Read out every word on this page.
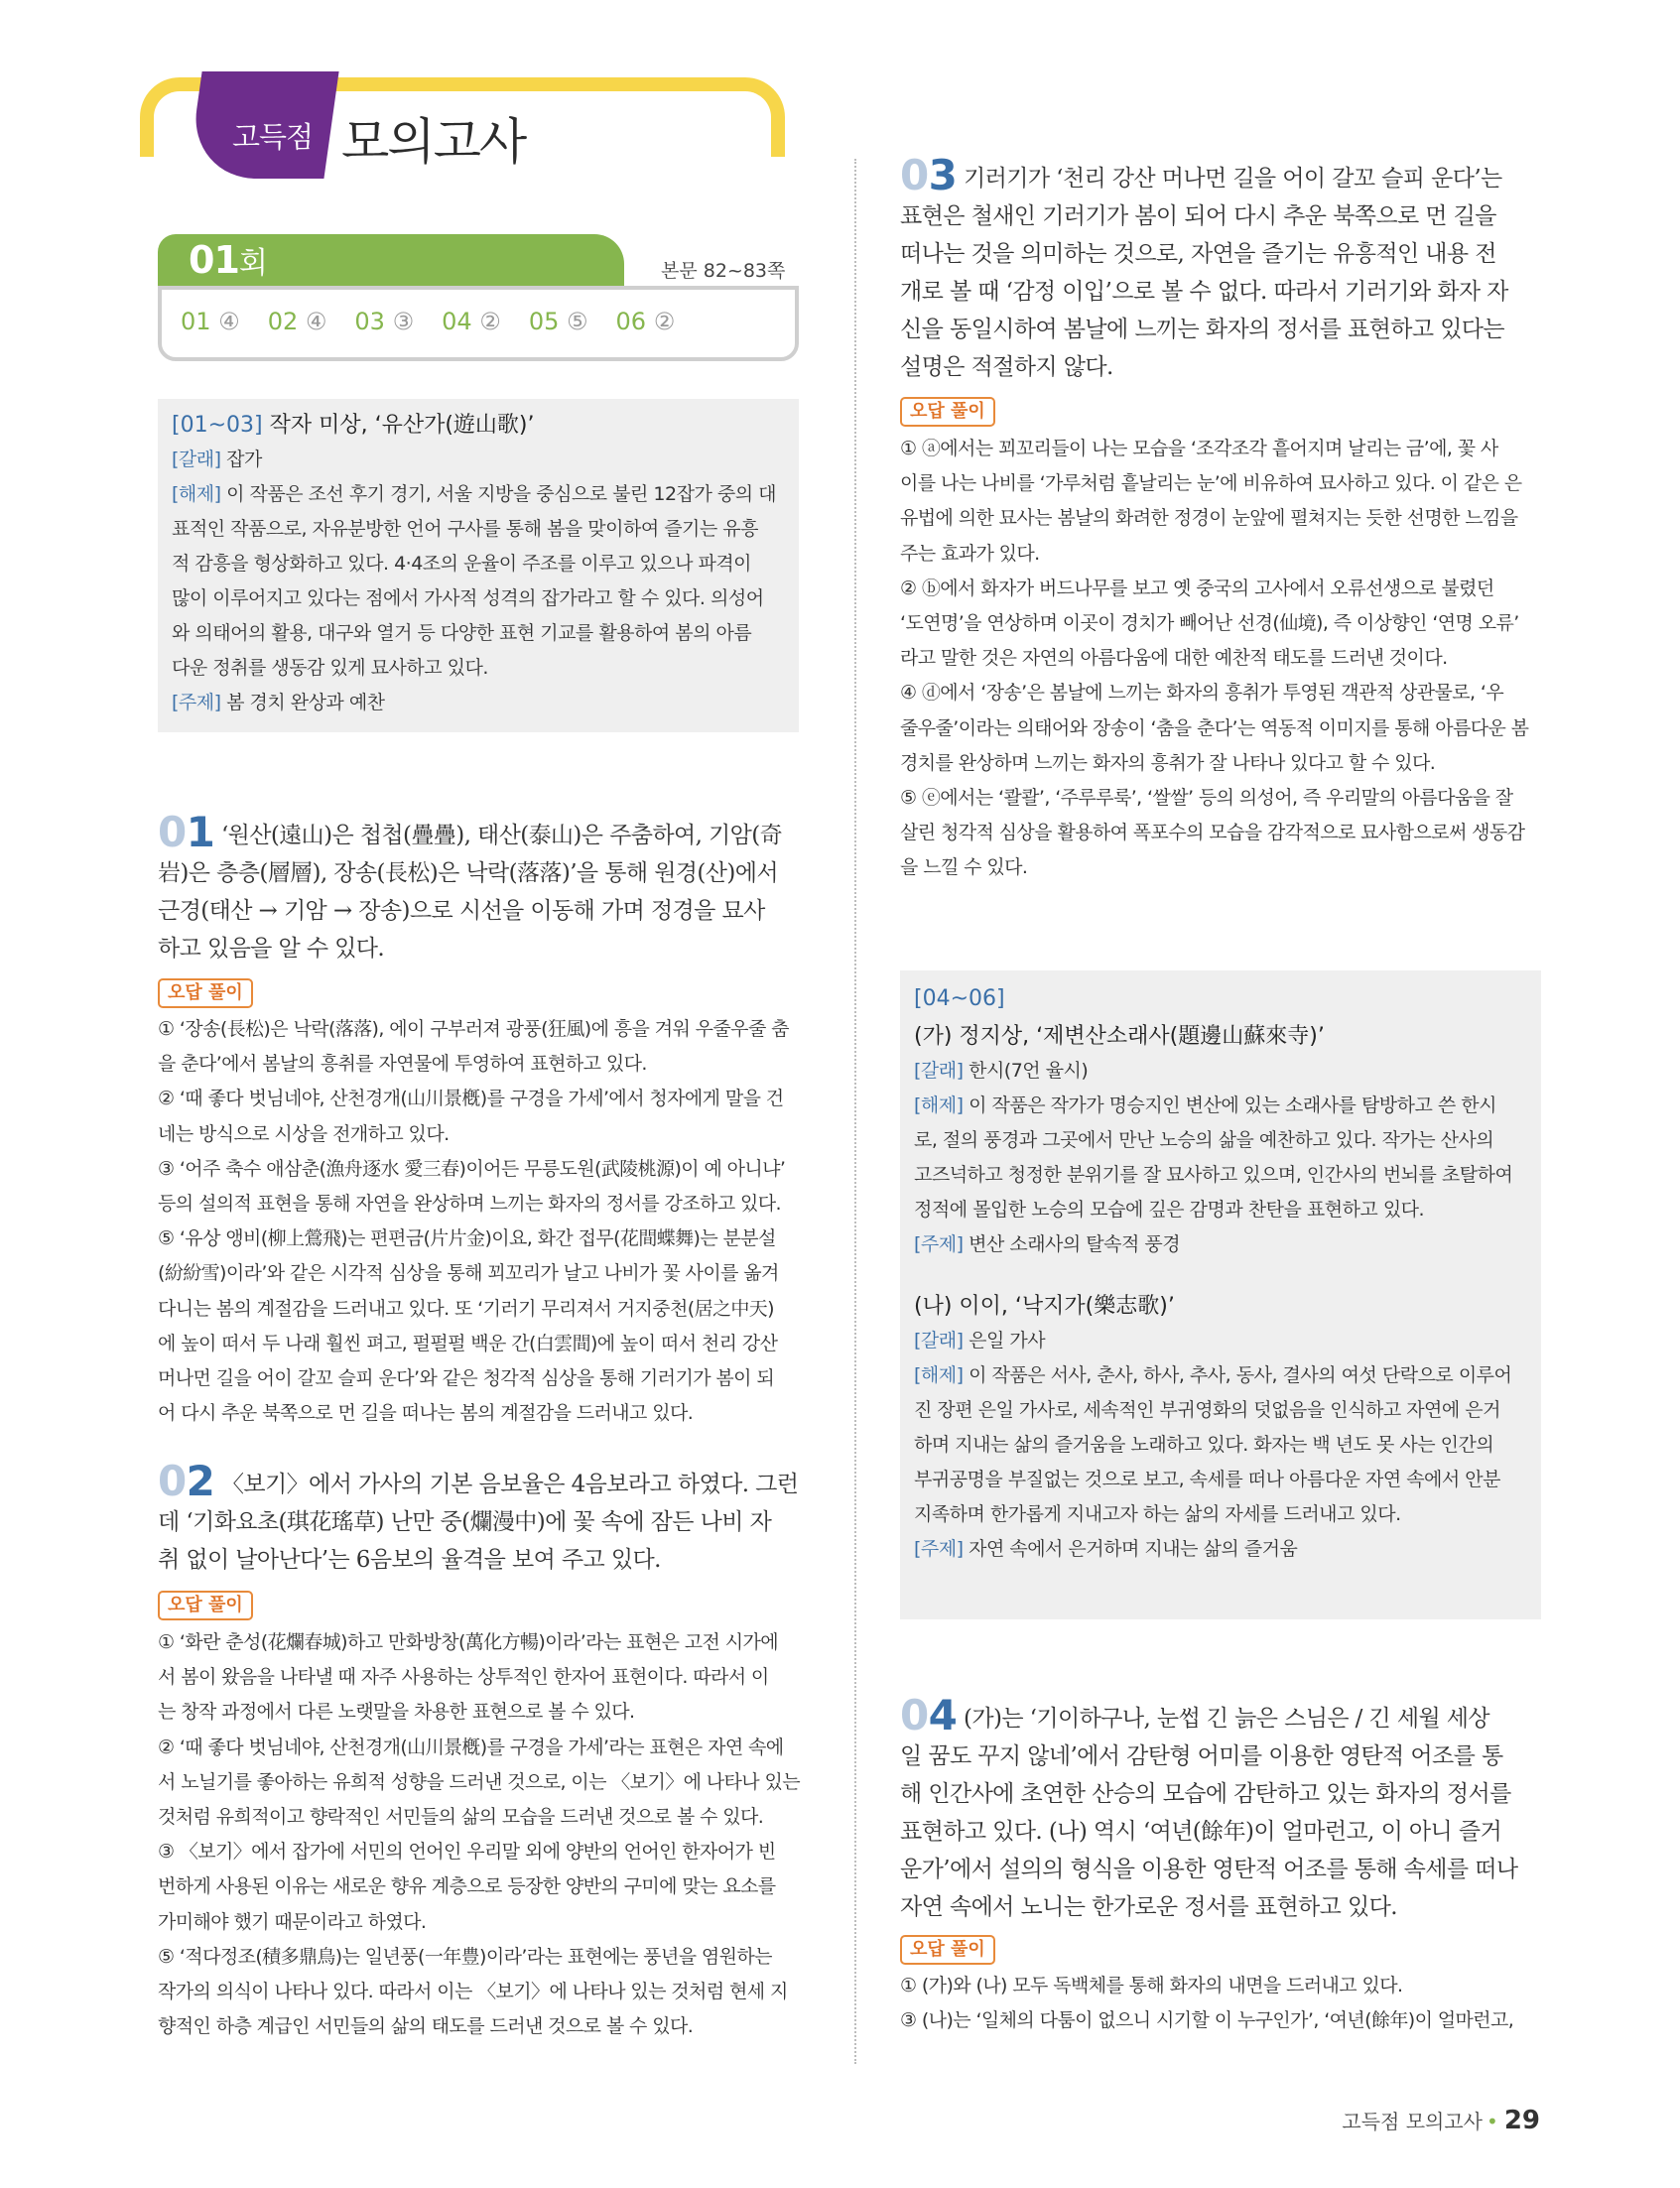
고득점 모의고사
01회	본문 82~83쪽
01 ④ 02 ④ 03 ③ 04 ② 05 ⑤ 06 ②
[01~03] 작자 미상, ‘유산가(遊山歌)’
[갈래] 잡가
[해제] 이 작품은 조선 후기 경기, 서울 지방을 중심으로 불린 12잡가 중의 대
표적인 작품으로, 자유분방한 언어 구사를 통해 봄을 맞이하여 즐기는 유흥
적 감흥을 형상화하고 있다. 4·4조의 운율이 주조를 이루고 있으나 파격이
많이 이루어지고 있다는 점에서 가사적 성격의 잡가라고 할 수 있다. 의성어
와 의태어의 활용, 대구와 열거 등 다양한 표현 기교를 활용하여 봄의 아름
다운 정취를 생동감 있게 묘사하고 있다.
[주제] 봄 경치 완상과 예찬
01 ‘원산(遠山)은 첩첩(疊疊), 태산(泰山)은 주춤하여, 기암(奇
岩)은 층층(層層), 장송(長松)은 낙락(落落)’을 통해 원경(산)에서
근경(태산 → 기암 → 장송)으로 시선을 이동해 가며 정경을 묘사
하고 있음을 알 수 있다.
오답 풀이
① ‘장송(長松)은 낙락(落落), 에이 구부러져 광풍(狂風)에 흥을 겨워 우줄우줄 춤
을 춘다’에서 봄날의 흥취를 자연물에 투영하여 표현하고 있다.
② ‘때 좋다 벗님네야, 산천경개(山川景槪)를 구경을 가세’에서 청자에게 말을 건
네는 방식으로 시상을 전개하고 있다.
③ ‘어주 축수 애삼춘(漁舟逐水 愛三春)이어든 무릉도원(武陵桃源)이 예 아니냐’
등의 설의적 표현을 통해 자연을 완상하며 느끼는 화자의 정서를 강조하고 있다.
⑤ ‘유상 앵비(柳上鶯飛)는 편편금(片片金)이요, 화간 접무(花間蝶舞)는 분분설
(紛紛雪)이라’와 같은 시각적 심상을 통해 꾀꼬리가 날고 나비가 꽃 사이를 옮겨
다니는 봄의 계절감을 드러내고 있다. 또 ‘기러기 무리져서 거지중천(居之中天)
에 높이 떠서 두 나래 훨씬 펴고, 펄펄펄 백운 간(白雲間)에 높이 떠서 천리 강산
머나먼 길을 어이 갈꼬 슬피 운다’와 같은 청각적 심상을 통해 기러기가 봄이 되
어 다시 추운 북쪽으로 먼 길을 떠나는 봄의 계절감을 드러내고 있다.
02 〈보기〉에서 가사의 기본 음보율은 4음보라고 하였다. 그런
데 ‘기화요초(琪花瑤草) 난만 중(爛漫中)에 꽃 속에 잠든 나비 자
취 없이 날아난다’는 6음보의 율격을 보여 주고 있다.
오답 풀이
① ‘화란 춘성(花爛春城)하고 만화방창(萬化方暢)이라’라는 표현은 고전 시가에
서 봄이 왔음을 나타낼 때 자주 사용하는 상투적인 한자어 표현이다. 따라서 이
는 창작 과정에서 다른 노랫말을 차용한 표현으로 볼 수 있다.
② ‘때 좋다 벗님네야, 산천경개(山川景槪)를 구경을 가세’라는 표현은 자연 속에
서 노닐기를 좋아하는 유희적 성향을 드러낸 것으로, 이는 〈보기〉에 나타나 있는
것처럼 유희적이고 향락적인 서민들의 삶의 모습을 드러낸 것으로 볼 수 있다.
③ 〈보기〉에서 잡가에 서민의 언어인 우리말 외에 양반의 언어인 한자어가 빈
번하게 사용된 이유는 새로운 향유 계층으로 등장한 양반의 구미에 맞는 요소를
가미해야 했기 때문이라고 하였다.
⑤ ‘적다정조(積多鼎鳥)는 일년풍(一年豊)이라’라는 표현에는 풍년을 염원하는
작가의 의식이 나타나 있다. 따라서 이는 〈보기〉에 나타나 있는 것처럼 현세 지
향적인 하층 계급인 서민들의 삶의 태도를 드러낸 것으로 볼 수 있다.
03 기러기가 ‘천리 강산 머나먼 길을 어이 갈꼬 슬피 운다’는
표현은 철새인 기러기가 봄이 되어 다시 추운 북쪽으로 먼 길을
떠나는 것을 의미하는 것으로, 자연을 즐기는 유흥적인 내용 전
개로 볼 때 ‘감정 이입’으로 볼 수 없다. 따라서 기러기와 화자 자
신을 동일시하여 봄날에 느끼는 화자의 정서를 표현하고 있다는
설명은 적절하지 않다.
오답 풀이
① ⓐ에서는 꾀꼬리들이 나는 모습을 ‘조각조각 흩어지며 날리는 금’에, 꽃 사
이를 나는 나비를 ‘가루처럼 흩날리는 눈’에 비유하여 묘사하고 있다. 이 같은 은
유법에 의한 묘사는 봄날의 화려한 정경이 눈앞에 펼쳐지는 듯한 선명한 느낌을
주는 효과가 있다.
② ⓑ에서 화자가 버드나무를 보고 옛 중국의 고사에서 오류선생으로 불렸던
‘도연명’을 연상하며 이곳이 경치가 빼어난 선경(仙境), 즉 이상향인 ‘연명 오류’
라고 말한 것은 자연의 아름다움에 대한 예찬적 태도를 드러낸 것이다.
④ ⓓ에서 ‘장송’은 봄날에 느끼는 화자의 흥취가 투영된 객관적 상관물로, ‘우
줄우줄’이라는 의태어와 장송이 ‘춤을 춘다’는 역동적 이미지를 통해 아름다운 봄
경치를 완상하며 느끼는 화자의 흥취가 잘 나타나 있다고 할 수 있다.
⑤ ⓔ에서는 ‘콸콸’, ‘주루루룩’, ‘쌀쌀’ 등의 의성어, 즉 우리말의 아름다움을 잘
살린 청각적 심상을 활용하여 폭포수의 모습을 감각적으로 묘사함으로써 생동감
을 느낄 수 있다.
[04~06]
(가) 정지상, ‘제변산소래사(題邊山蘇來寺)’
[갈래] 한시(7언 율시)
[해제] 이 작품은 작가가 명승지인 변산에 있는 소래사를 탐방하고 쓴 한시
로, 절의 풍경과 그곳에서 만난 노승의 삶을 예찬하고 있다. 작가는 산사의
고즈넉하고 청정한 분위기를 잘 묘사하고 있으며, 인간사의 번뇌를 초탈하여
정적에 몰입한 노승의 모습에 깊은 감명과 찬탄을 표현하고 있다.
[주제] 변산 소래사의 탈속적 풍경
(나) 이이, ‘낙지가(樂志歌)’
[갈래] 은일 가사
[해제] 이 작품은 서사, 춘사, 하사, 추사, 동사, 결사의 여섯 단락으로 이루어
진 장편 은일 가사로, 세속적인 부귀영화의 덧없음을 인식하고 자연에 은거
하며 지내는 삶의 즐거움을 노래하고 있다. 화자는 백 년도 못 사는 인간의
부귀공명을 부질없는 것으로 보고, 속세를 떠나 아름다운 자연 속에서 안분
지족하며 한가롭게 지내고자 하는 삶의 자세를 드러내고 있다.
[주제] 자연 속에서 은거하며 지내는 삶의 즐거움
04 (가)는 ‘기이하구나, 눈썹 긴 늙은 스님은 / 긴 세월 세상
일 꿈도 꾸지 않네’에서 감탄형 어미를 이용한 영탄적 어조를 통
해 인간사에 초연한 산승의 모습에 감탄하고 있는 화자의 정서를
표현하고 있다. (나) 역시 ‘여년(餘年)이 얼마런고, 이 아니 즐거
운가’에서 설의의 형식을 이용한 영탄적 어조를 통해 속세를 떠나
자연 속에서 노니는 한가로운 정서를 표현하고 있다.
오답 풀이
① (가)와 (나) 모두 독백체를 통해 화자의 내면을 드러내고 있다.
③ (나)는 ‘일체의 다툼이 없으니 시기할 이 누구인가’, ‘여년(餘年)이 얼마런고,
고득점 모의고사 • 29
